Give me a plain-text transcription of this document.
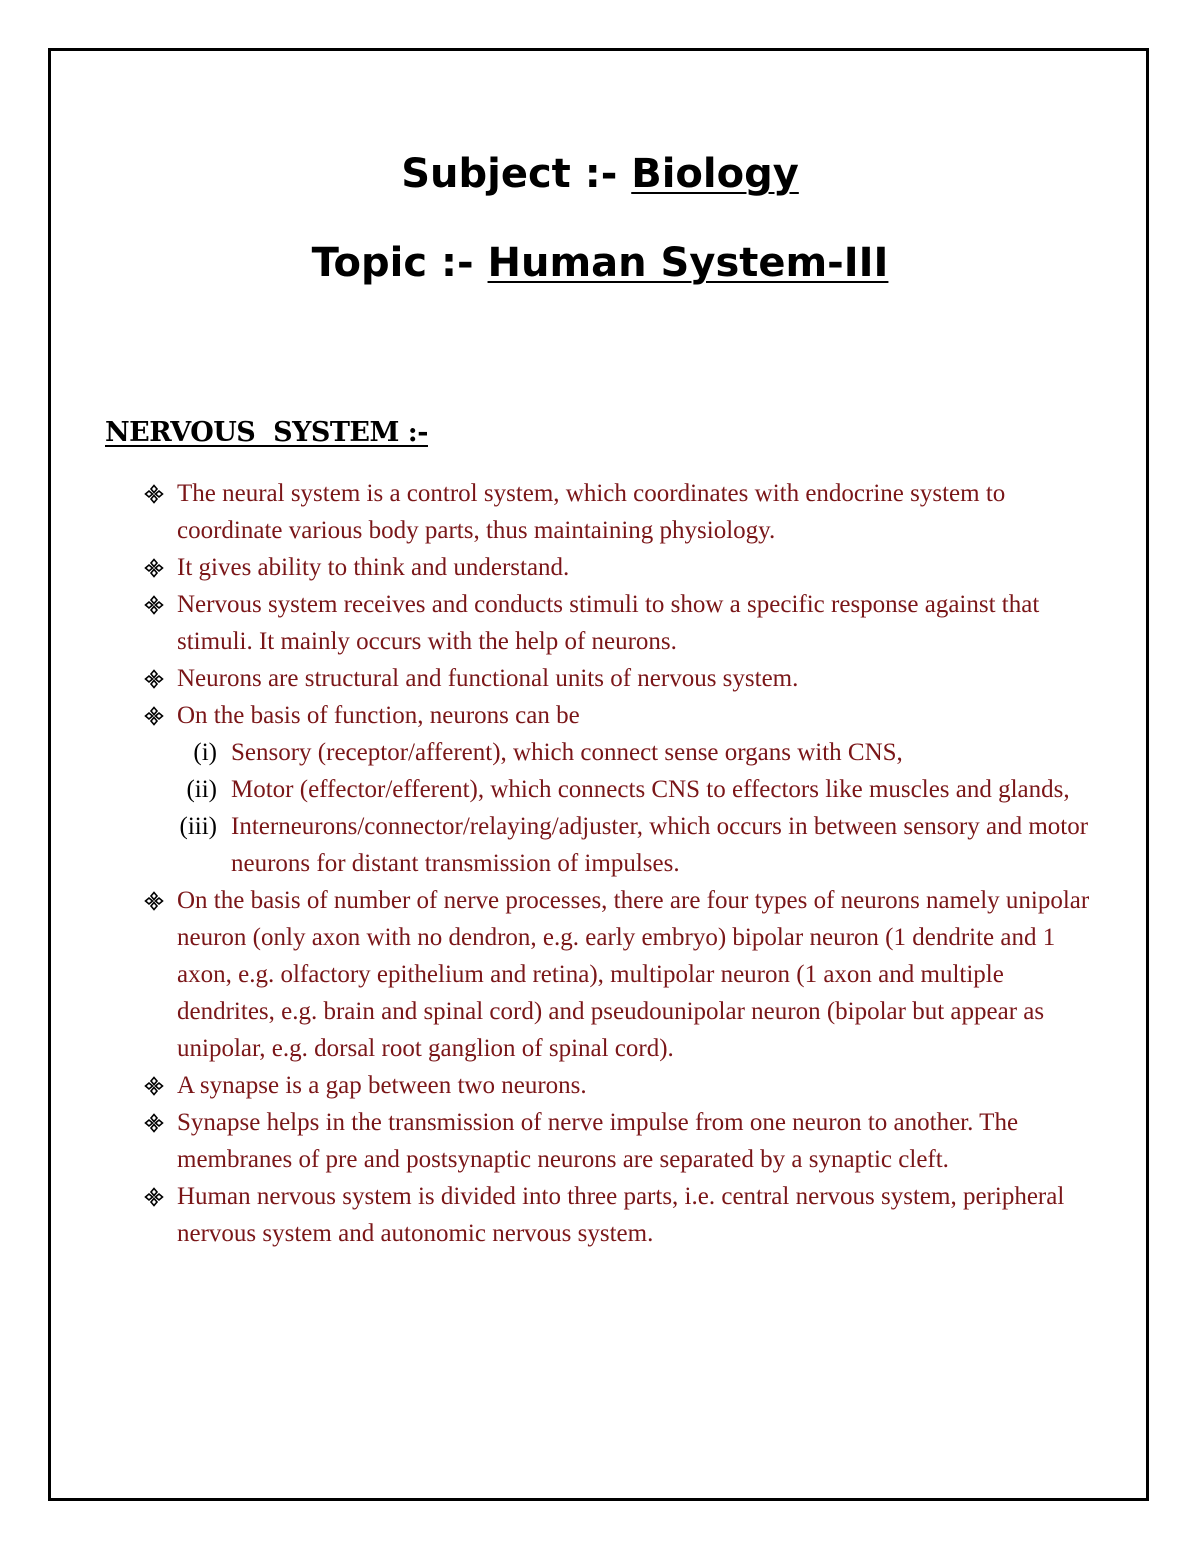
Subject :- Biology
Topic :- Human System-III
NERVOUS  SYSTEM :-
The neural system is a control system, which coordinates with endocrine system to coordinate various body parts, thus maintaining physiology.
It gives ability to think and understand.
Nervous system receives and conducts stimuli to show a specific response against that stimuli. It mainly occurs with the help of neurons.
Neurons are structural and functional units of nervous system.
On the basis of function, neurons can be
(i) Sensory (receptor/afferent), which connect sense organs with CNS,
(ii) Motor (effector/efferent), which connects CNS to effectors like muscles and glands,
(iii) Interneurons/connector/relaying/adjuster, which occurs in between sensory and motor neurons for distant transmission of impulses.
On the basis of number of nerve processes, there are four types of neurons namely unipolar neuron (only axon with no dendron, e.g. early embryo) bipolar neuron (1 dendrite and 1 axon, e.g. olfactory epithelium and retina), multipolar neuron (1 axon and multiple dendrites, e.g. brain and spinal cord) and pseudounipolar neuron (bipolar but appear as unipolar, e.g. dorsal root ganglion of spinal cord).
A synapse is a gap between two neurons.
Synapse helps in the transmission of nerve impulse from one neuron to another. The membranes of pre and postsynaptic neurons are separated by a synaptic cleft.
Human nervous system is divided into three parts, i.e. central nervous system, peripheral nervous system and autonomic nervous system.
